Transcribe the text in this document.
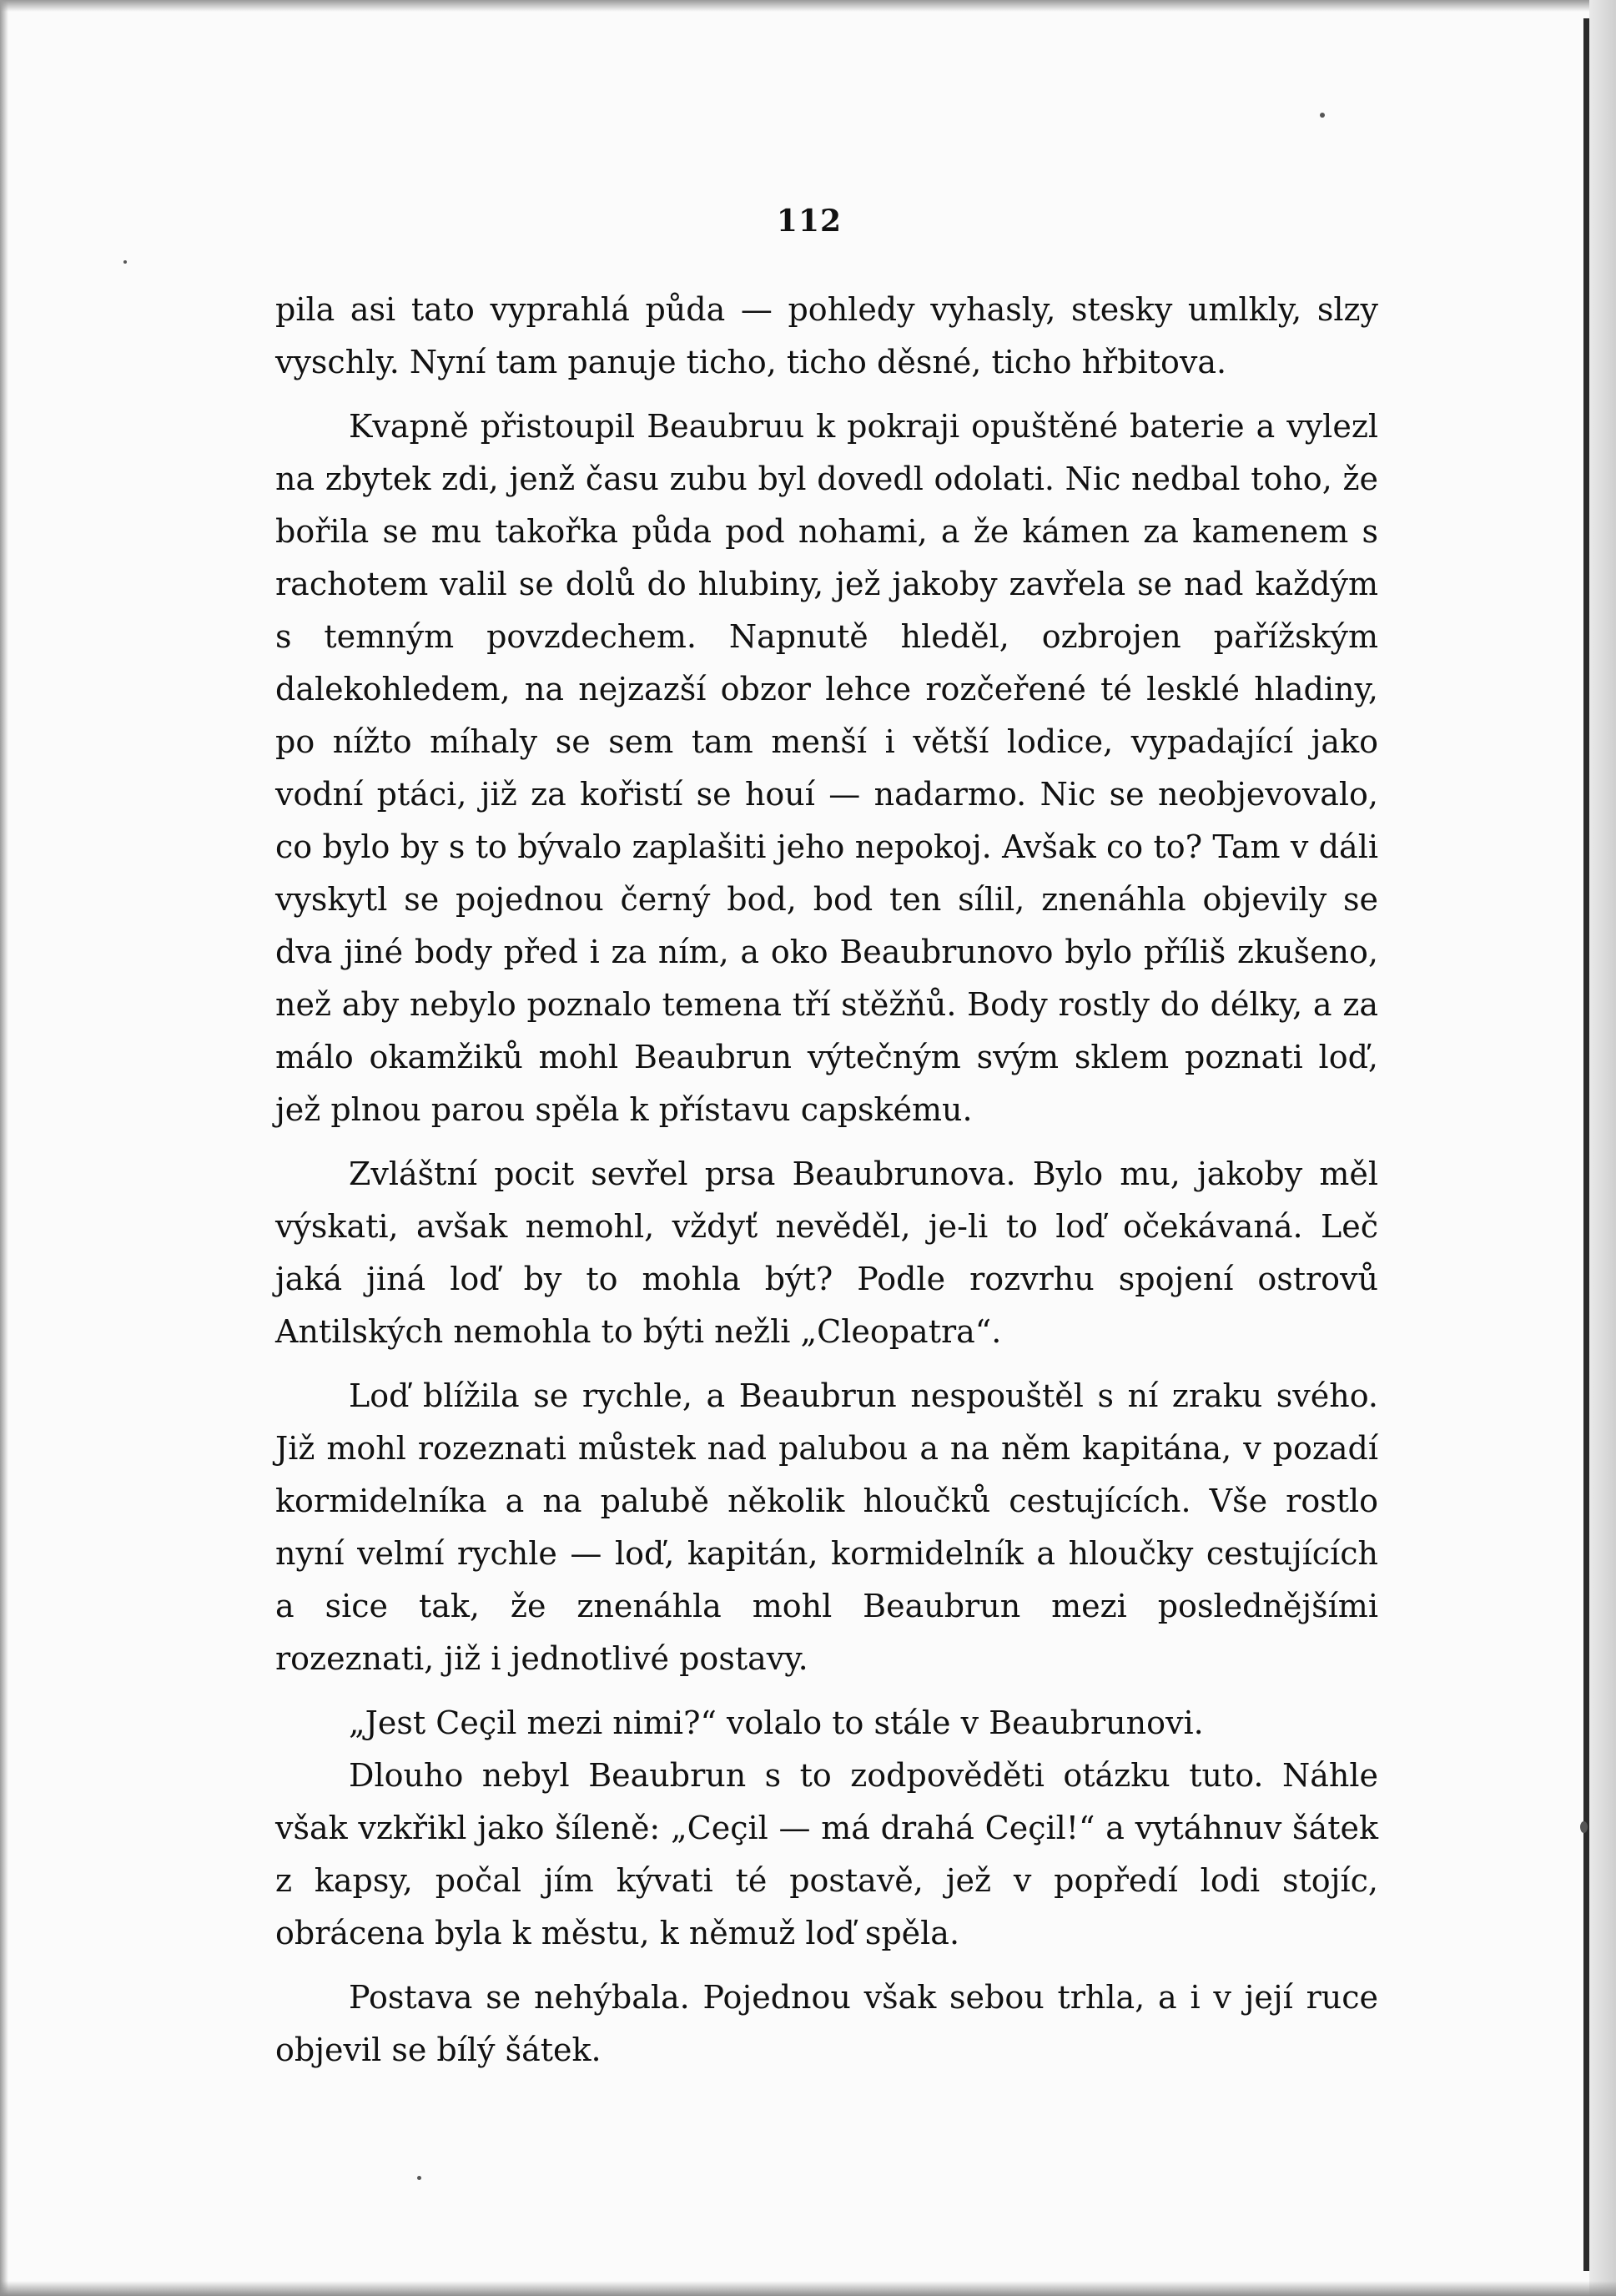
112

pila asi tato vyprahlá půda — pohledy vyhasly, stesky umlkly, slzy vyschly. Nyní tam panuje ticho, ticho děsné, ticho hřbitova.

Kvapně přistoupil Beaubruu k pokraji opuštěné baterie a vylezl na zbytek zdi, jenž času zubu byl dovedl odolati. Nic nedbal toho, že bořila se mu takořka půda pod nohami, a že kámen za kamenem s rachotem valil se dolů do hlubiny, jež jakoby zavřela se nad každým s temným povzdechem. Napnutě hleděl, ozbrojen pařížským dalekohledem, na nejzazší obzor lehce rozčeřené té lesklé hladiny, po nížto míhaly se sem tam menší i větší lodice, vypadající jako vodní ptáci, již za kořistí se houí — nadarmo. Nic se neobjevovalo, co bylo by s to bývalo zaplašiti jeho nepokoj. Avšak co to? Tam v dáli vyskytl se pojednou černý bod, bod ten sílil, znenáhla objevily se dva jiné body před i za ním, a oko Beaubrunovo bylo příliš zkušeno, než aby nebylo poznalo temena tří stěžňů. Body rostly do délky, a za málo okamžiků mohl Beaubrun výtečným svým sklem poznati loď, jež plnou parou spěla k přístavu capskému.

Zvláštní pocit sevřel prsa Beaubrunova. Bylo mu, jakoby měl výskati, avšak nemohl, vždyť nevěděl, je-li to loď očekávaná. Leč jaká jiná loď by to mohla být? Podle rozvrhu spojení ostrovů Antilských nemohla to býti nežli „Cleopatra“.

Loď blížila se rychle, a Beaubrun nespouštěl s ní zraku svého. Již mohl rozeznati můstek nad palubou a na něm kapitána, v pozadí kormidelníka a na palubě několik hloučků cestujících. Vše rostlo nyní velmí rychle — loď, kapitán, kormidelník a hloučky cestujících a sice tak, že znenáhla mohl Beaubrun mezi poslednějšími rozeznati, již i jednotlivé postavy.

„Jest Ceçil mezi nimi?“ volalo to stále v Beaubrunovi.

Dlouho nebyl Beaubrun s to zodpověděti otázku tuto. Náhle však vzkřikl jako šíleně: „Ceçil — má drahá Ceçil!“ a vytáhnuv šátek z kapsy, počal jím kývati té postavě, jež v popředí lodi stojíc, obrácena byla k městu, k němuž loď spěla.

Postava se nehýbala. Pojednou však sebou trhla, a i v její ruce objevil se bílý šátek.
